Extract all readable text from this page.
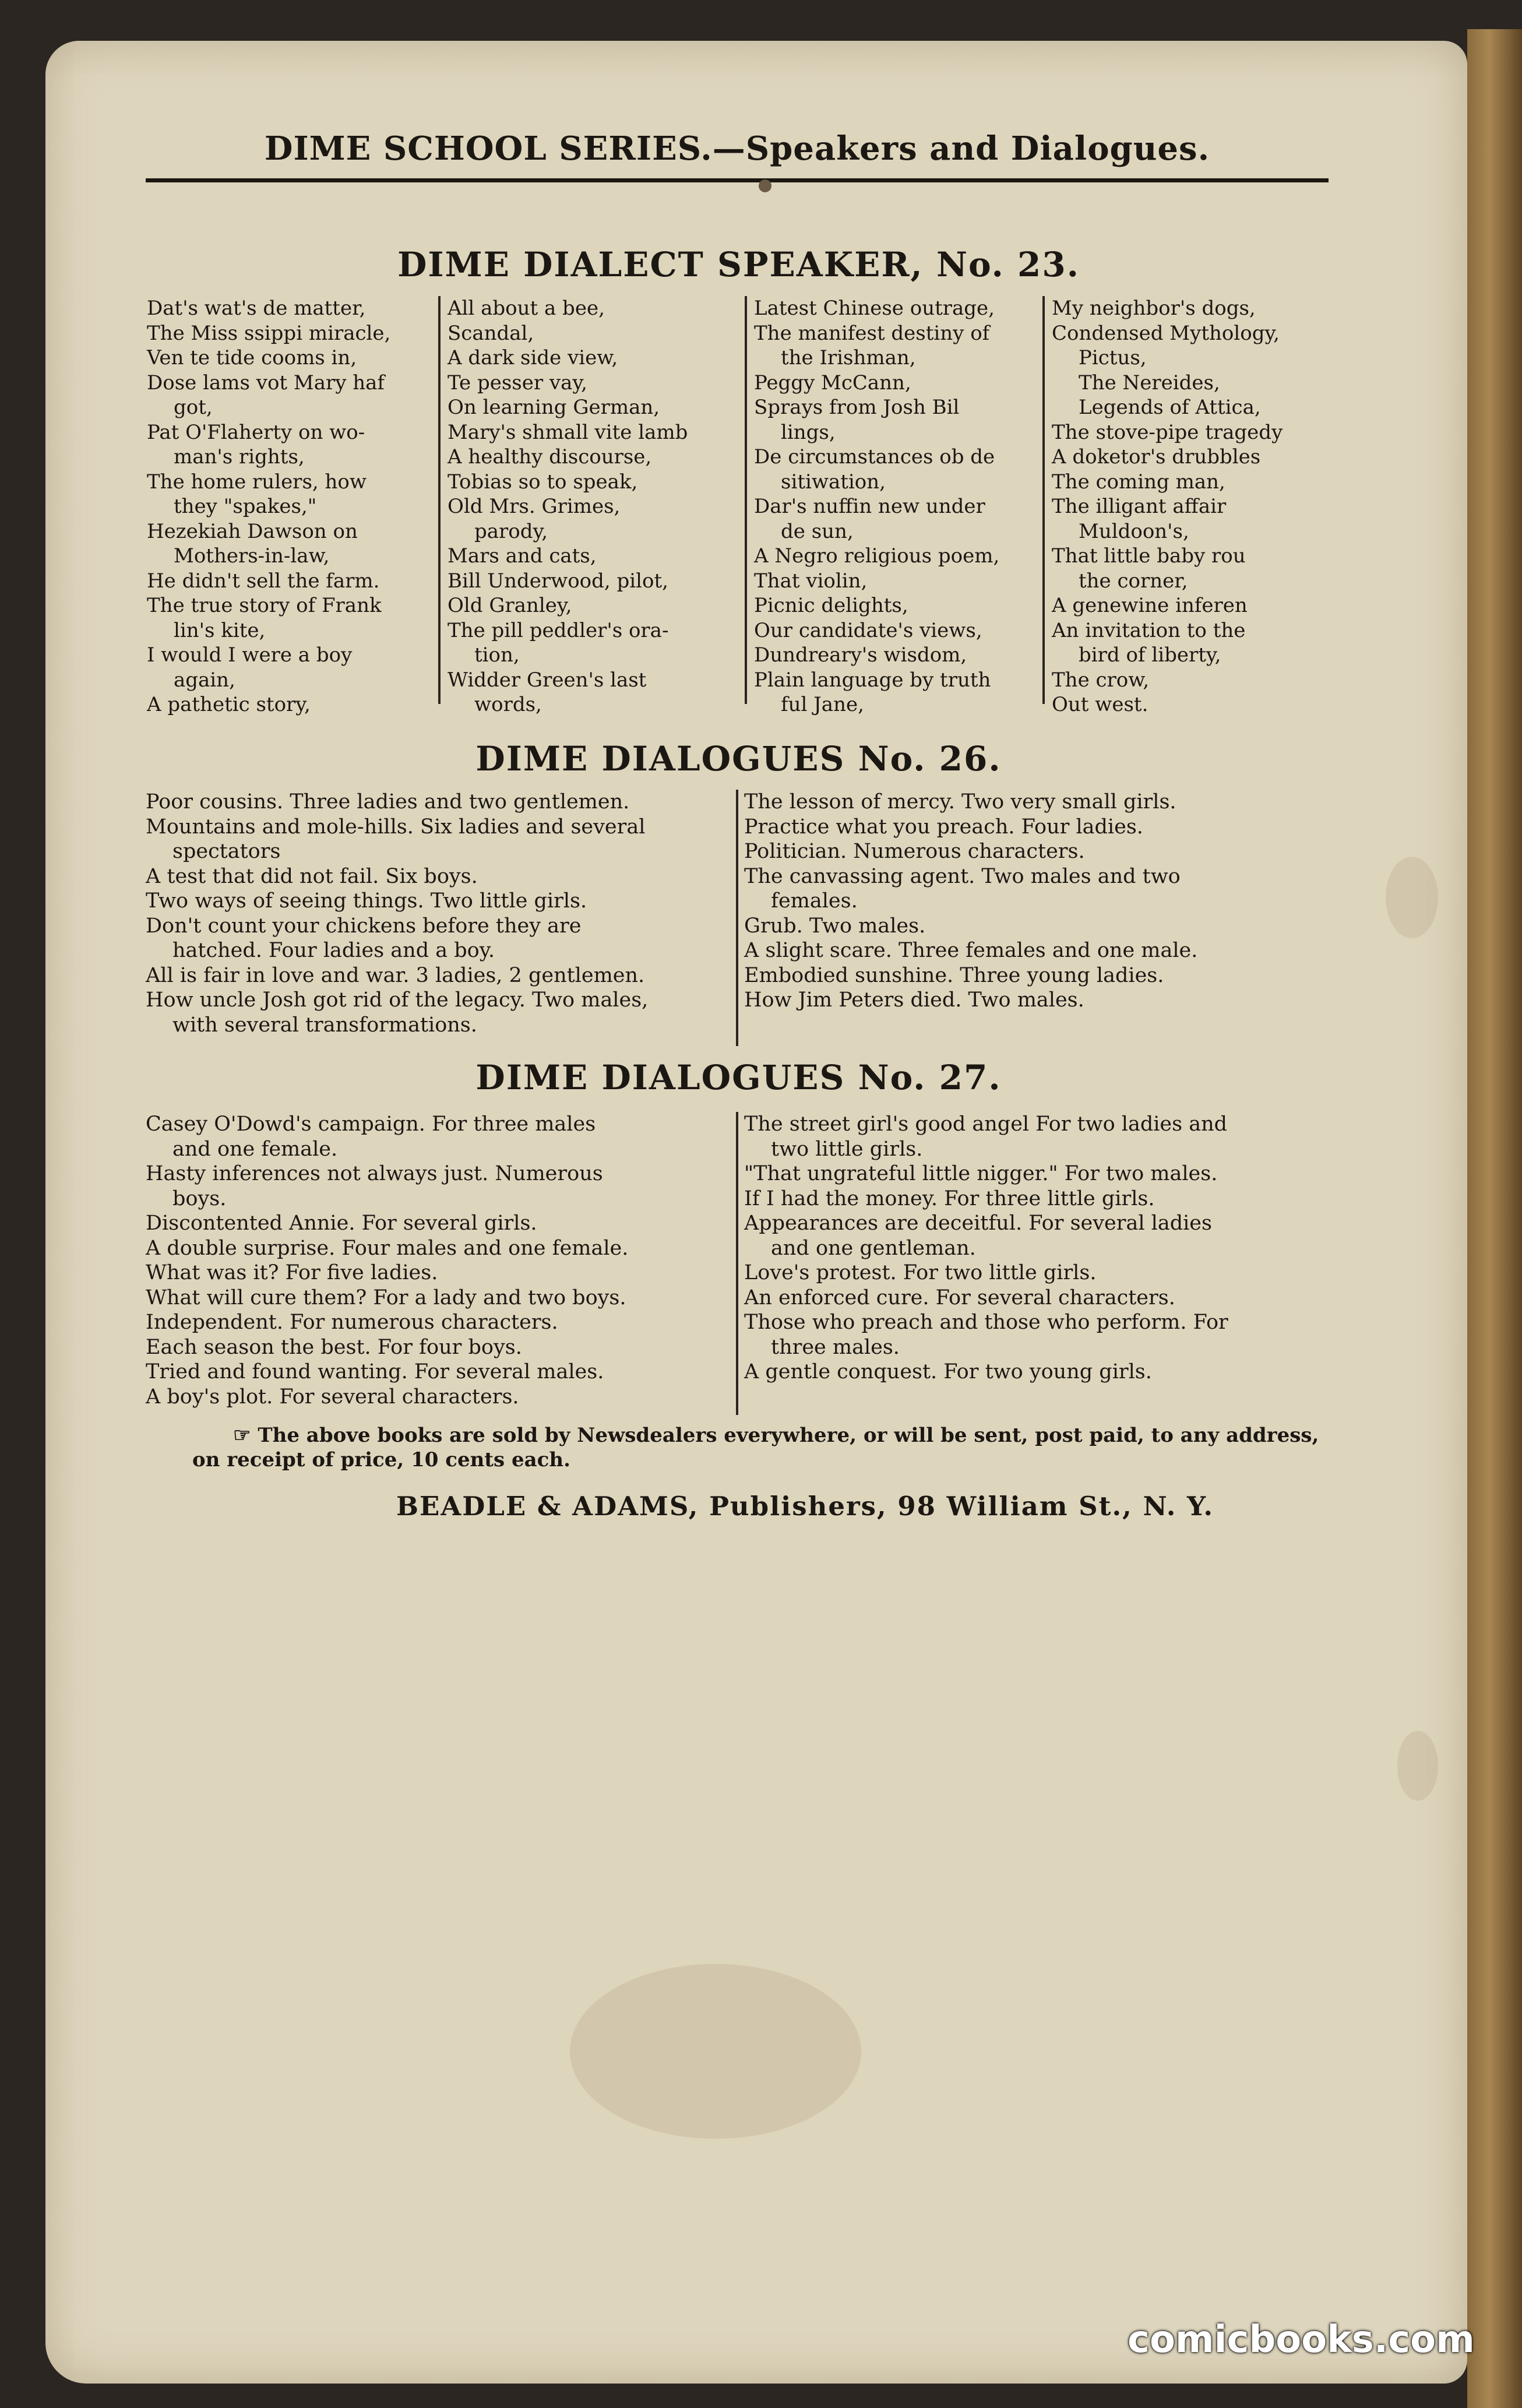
DIME SCHOOL SERIES.—Speakers and Dialogues.
DIME DIALECT SPEAKER, No. 23.
Dat's wat's de matter,
The Miss ssippi miracle,
Ven te tide cooms in,
Dose lams vot Mary haf
got,
Pat O'Flaherty on wo-
man's rights,
The home rulers, how
they "spakes,"
Hezekiah Dawson on
Mothers-in-law,
He didn't sell the farm.
The true story of Frank
lin's kite,
I would I were a boy
again,
A pathetic story,
All about a bee,
Scandal,
A dark side view,
Te pesser vay,
On learning German,
Mary's shmall vite lamb
A healthy discourse,
Tobias so to speak,
Old Mrs. Grimes,
parody,
Mars and cats,
Bill Underwood, pilot,
Old Granley,
The pill peddler's ora-
tion,
Widder Green's last
words,
Latest Chinese outrage,
The manifest destiny of
the Irishman,
Peggy McCann,
Sprays from Josh Bil
lings,
De circumstances ob de
sitiwation,
Dar's nuffin new under
de sun,
A Negro religious poem,
That violin,
Picnic delights,
Our candidate's views,
Dundreary's wisdom,
Plain language by truth
ful Jane,
My neighbor's dogs,
Condensed Mythology,
Pictus,
The Nereides,
Legends of Attica,
The stove-pipe tragedy
A doketor's drubbles
The coming man,
The illigant affair
Muldoon's,
That little baby rou
the corner,
A genewine inferen
An invitation to the
bird of liberty,
The crow,
Out west.
DIME DIALOGUES No. 26.
Poor cousins. Three ladies and two gentlemen.
Mountains and mole-hills. Six ladies and several
spectators
A test that did not fail. Six boys.
Two ways of seeing things. Two little girls.
Don't count your chickens before they are
hatched. Four ladies and a boy.
All is fair in love and war. 3 ladies, 2 gentlemen.
How uncle Josh got rid of the legacy. Two males,
with several transformations.
The lesson of mercy. Two very small girls.
Practice what you preach. Four ladies.
Politician. Numerous characters.
The canvassing agent. Two males and two
females.
Grub. Two males.
A slight scare. Three females and one male.
Embodied sunshine. Three young ladies.
How Jim Peters died. Two males.
DIME DIALOGUES No. 27.
Casey O'Dowd's campaign. For three males
and one female.
Hasty inferences not always just. Numerous
boys.
Discontented Annie. For several girls.
A double surprise. Four males and one female.
What was it? For five ladies.
What will cure them? For a lady and two boys.
Independent. For numerous characters.
Each season the best. For four boys.
Tried and found wanting. For several males.
A boy's plot. For several characters.
The street girl's good angel For two ladies and
two little girls.
"That ungrateful little nigger." For two males.
If I had the money. For three little girls.
Appearances are deceitful. For several ladies
and one gentleman.
Love's protest. For two little girls.
An enforced cure. For several characters.
Those who preach and those who perform. For
three males.
A gentle conquest. For two young girls.
☞ The above books are sold by Newsdealers everywhere, or will be sent, post paid, to any address, on receipt of price, 10 cents each.
BEADLE & ADAMS, Publishers, 98 William St., N. Y.
comicbooks.com
